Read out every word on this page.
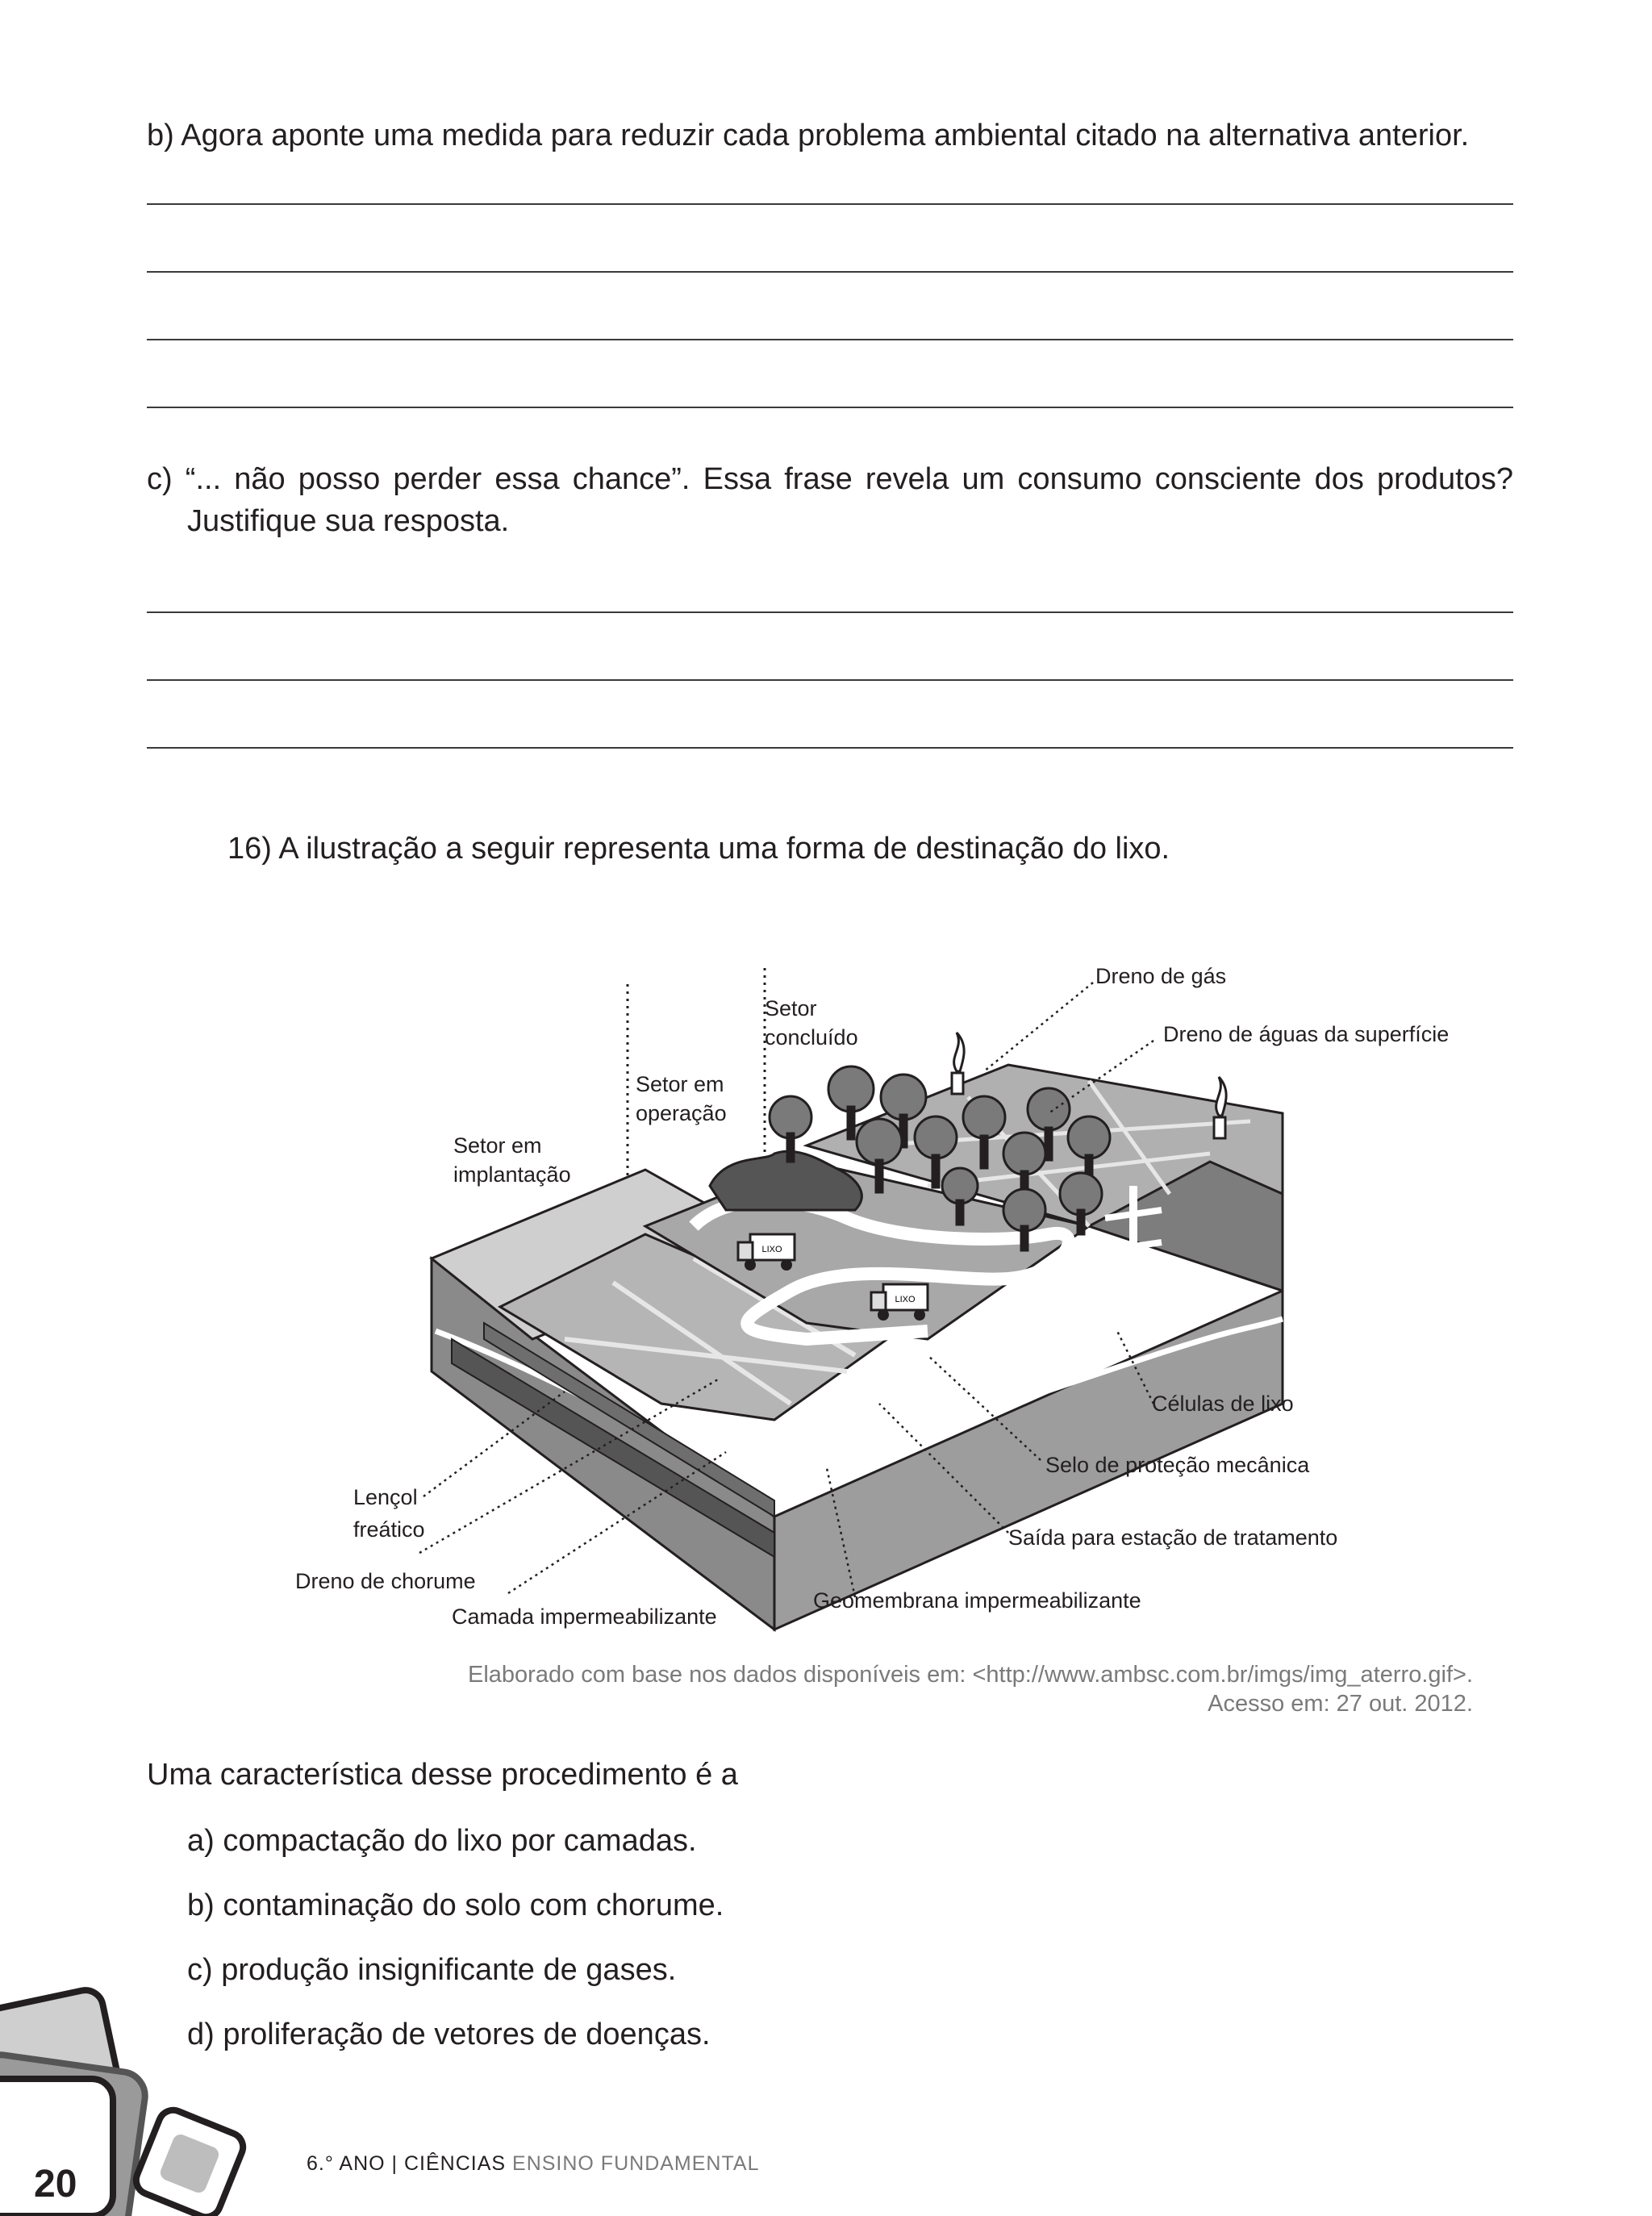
b) Agora aponte uma medida para reduzir cada problema ambiental citado na alternativa anterior.
c) “... não posso perder essa chance”. Essa frase revela um consumo consciente dos produtos?
Justifique sua resposta.
16) A ilustração a seguir representa uma forma de destinação do lixo.
LIXO
LIXO
Dreno de gás
Setor
concluído	Dreno de águas da superfície
Setor em
operação
Setor em
implantação
Células de lixo
Selo de proteção mecânica
Saída para estação de tratamento
Lençol
freático
Dreno de chorume
Camada impermeabilizante
Geomembrana impermeabilizante
Elaborado com base nos dados disponíveis em: <http://www.ambsc.com.br/imgs/img_aterro.gif>.
Acesso em: 27 out. 2012.
Uma característica desse procedimento é a
a) compactação do lixo por camadas.
b) contaminação do solo com chorume.
c) produção insignificante de gases.
d) proliferação de vetores de doenças.
20	6.° ANO | CIÊNCIAS ENSINO FUNDAMENTAL
